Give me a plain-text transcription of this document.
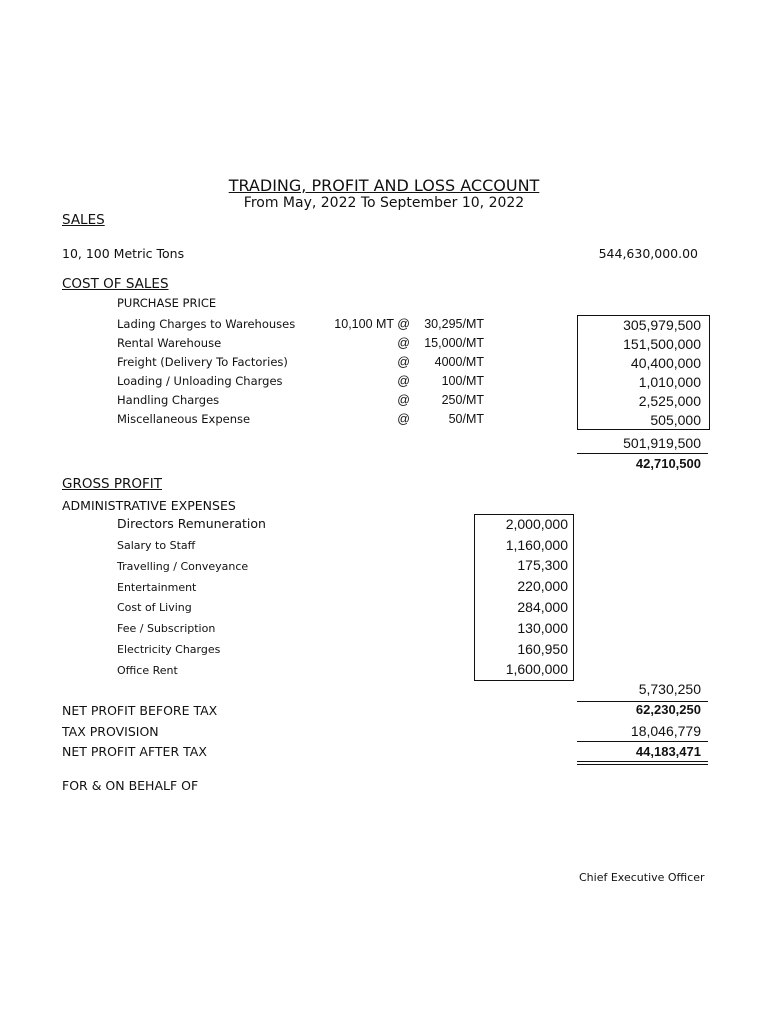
TRADING, PROFIT AND LOSS ACCOUNT
From May, 2022 To September 10, 2022
SALES
10, 100 Metric Tons	544,630,000.00
COST OF SALES
PURCHASE PRICE
Lading Charges to Warehouses	10,100 MT @	30,295/MT	305,979,500
Rental Warehouse	@	15,000/MT	151,500,000
Freight (Delivery To Factories)	@	4000/MT	40,400,000
Loading / Unloading Charges	@	100/MT	1,010,000
Handling Charges	@	250/MT	2,525,000
Miscellaneous Expense	@	50/MT	505,000
501,919,500
42,710,500
GROSS PROFIT
ADMINISTRATIVE EXPENSES
Directors Remuneration	2,000,000
Salary to Staff	1,160,000
Travelling / Conveyance	175,300
Entertainment	220,000
Cost of Living	284,000
Fee / Subscription	130,000
Electricity Charges	160,950
Office Rent	1,600,000
5,730,250
NET PROFIT BEFORE TAX	62,230,250
TAX PROVISION	18,046,779
NET PROFIT AFTER TAX	44,183,471
FOR & ON BEHALF OF
Chief Executive Officer
